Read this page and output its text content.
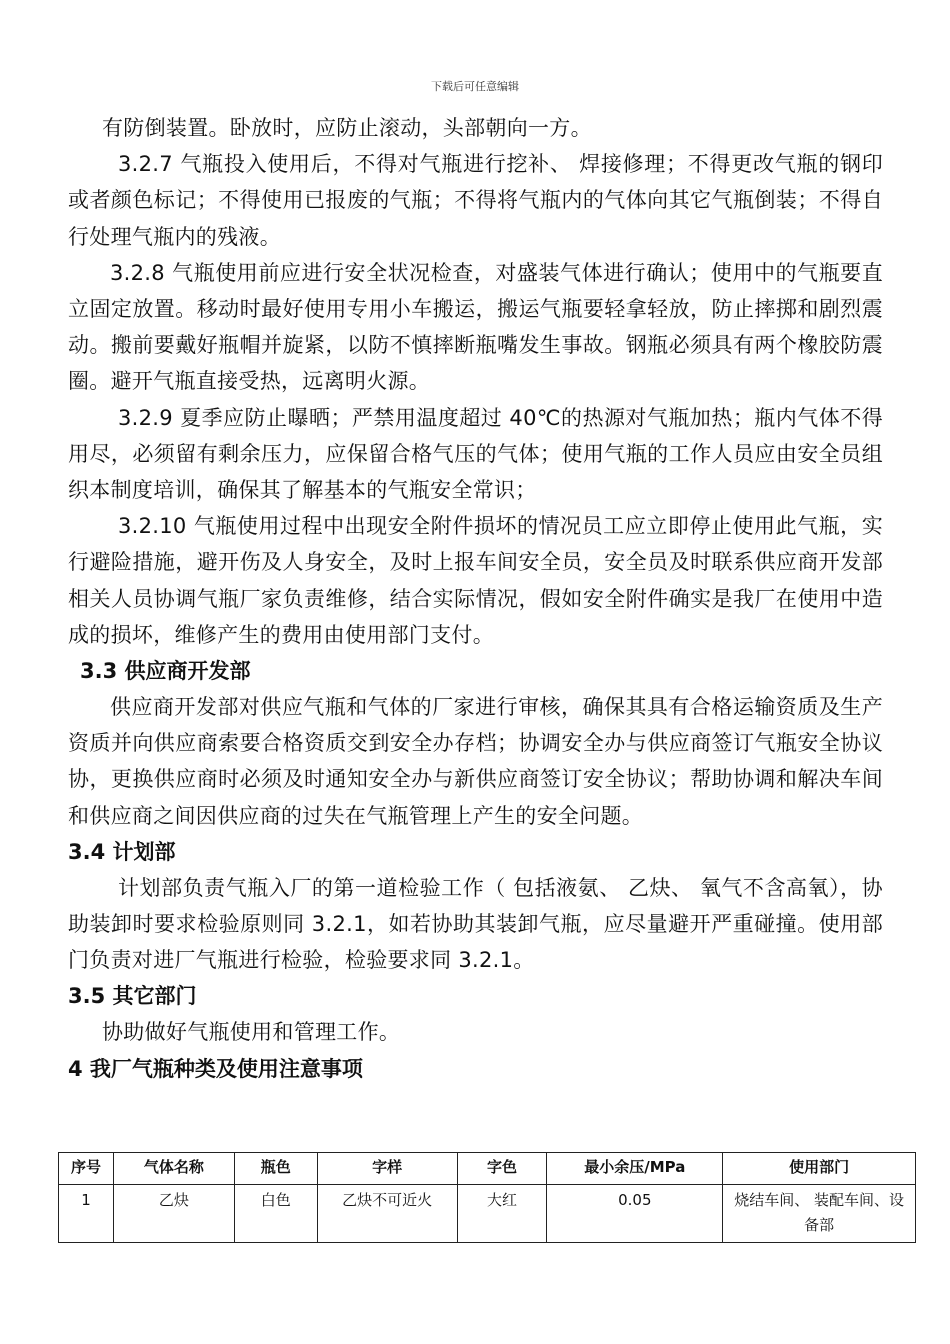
下载后可任意编辑

有防倒装置。卧放时，应防止滚动，头部朝向一方。

3.2.7 气瓶投入使用后，不得对气瓶进行挖补、 焊接修理；不得更改气瓶的钢印或者颜色标记；不得使用已报废的气瓶；不得将气瓶内的气体向其它气瓶倒装；不得自行处理气瓶内的残液。

3.2.8 气瓶使用前应进行安全状况检查，对盛装气体进行确认；使用中的气瓶要直立固定放置。移动时最好使用专用小车搬运，搬运气瓶要轻拿轻放，防止摔掷和剧烈震动。搬前要戴好瓶帽并旋紧，以防不慎摔断瓶嘴发生事故。钢瓶必须具有两个橡胶防震圈。避开气瓶直接受热，远离明火源。

3.2.9 夏季应防止曝晒；严禁用温度超过 40℃的热源对气瓶加热；瓶内气体不得用尽，必须留有剩余压力，应保留合格气压的气体；使用气瓶的工作人员应由安全员组织本制度培训，确保其了解基本的气瓶安全常识；

3.2.10 气瓶使用过程中出现安全附件损坏的情况员工应立即停止使用此气瓶，实行避险措施，避开伤及人身安全，及时上报车间安全员，安全员及时联系供应商开发部相关人员协调气瓶厂家负责维修，结合实际情况，假如安全附件确实是我厂在使用中造成的损坏，维修产生的费用由使用部门支付。

3.3 供应商开发部

供应商开发部对供应气瓶和气体的厂家进行审核，确保其具有合格运输资质及生产资质并向供应商索要合格资质交到安全办存档；协调安全办与供应商签订气瓶安全协议协，更换供应商时必须及时通知安全办与新供应商签订安全协议；帮助协调和解决车间和供应商之间因供应商的过失在气瓶管理上产生的安全问题。

3.4 计划部

计划部负责气瓶入厂的第一道检验工作（ 包括液氨、 乙炔、 氧气不含高氧），协助装卸时要求检验原则同 3.2.1，如若协助其装卸气瓶，应尽量避开严重碰撞。使用部门负责对进厂气瓶进行检验，检验要求同 3.2.1。

3.5 其它部门

协助做好气瓶使用和管理工作。

4 我厂气瓶种类及使用注意事项
序号	气体名称	瓶色	字样	字色	最小余压/MPa	使用部门
1	乙炔	白色	乙炔不可近火	大红	0.05	烧结车间、 装配车间、设备部
